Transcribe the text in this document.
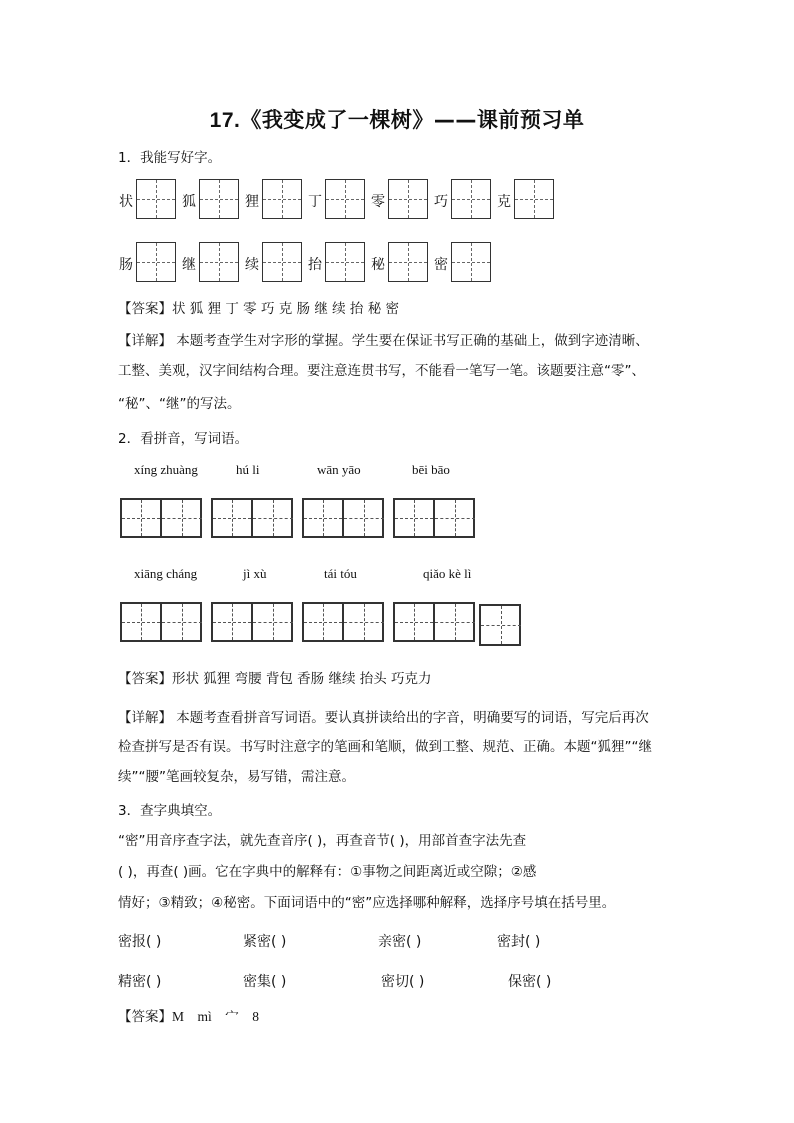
17.《我变成了一棵树》——课前预习单
1．我能写好字。
状	狐	狸	丁	零	巧	克
肠	继	续	抬	秘	密
【答案】状 狐 狸 丁 零 巧 克 肠 继 续 抬 秘 密
【详解】 本题考查学生对字形的掌握。学生要在保证书写正确的基础上，做到字迹清晰、
工整、美观，汉字间结构合理。要注意连贯书写，不能看一笔写一笔。该题要注意“零”、
“秘”、“继”的写法。
2．看拼音，写词语。
xíng zhuàng	hú li	wān yāo	bēi bāo
xiāng cháng	jì xù	tái tóu	qiǎo kè lì
【答案】形状 狐狸 弯腰 背包 香肠 继续 抬头 巧克力
【详解】 本题考查看拼音写词语。要认真拼读给出的字音，明确要写的词语，写完后再次
检查拼写是否有误。书写时注意字的笔画和笔顺，做到工整、规范、正确。本题“狐狸”“继
续”“腰”笔画较复杂，易写错，需注意。
3．查字典填空。
“密”用音序查字法，就先查音序( )，再查音节( )，用部首查字法先查
( )，再查( )画。它在字典中的解释有：①事物之间距离近或空隙；②感
情好；③精致；④秘密。下面词语中的“密”应选择哪种解释，选择序号填在括号里。
密报( )	紧密( )	亲密( )	密封( )
精密( )	密集( )	密切( )	保密( )
【答案】M    mì    宀    8
